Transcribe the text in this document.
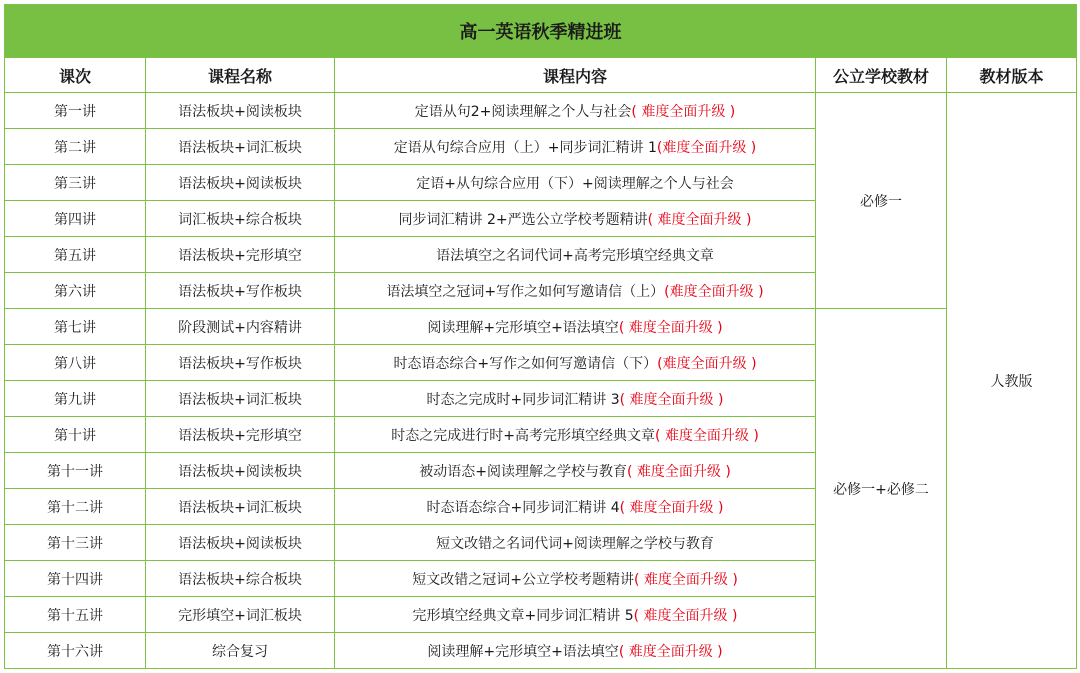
高一英语秋季精进班				
课次	课程名称	课程内容	公立学校教材	教材版本
第一讲	语法板块+阅读板块	定语从句2+阅读理解之个人与社会( 难度全面升级 )	必修一	人教版
第二讲	语法板块+词汇板块	定语从句综合应用（上）+同步词汇精讲 1(难度全面升级 )		
第三讲	语法板块+阅读板块	定语+从句综合应用（下）+阅读理解之个人与社会		
第四讲	词汇板块+综合板块	同步词汇精讲 2+严选公立学校考题精讲( 难度全面升级 )		
第五讲	语法板块+完形填空	语法填空之名词代词+高考完形填空经典文章		
第六讲	语法板块+写作板块	语法填空之冠词+写作之如何写邀请信（上）(难度全面升级 )		
第七讲	阶段测试+内容精讲	阅读理解+完形填空+语法填空( 难度全面升级 )	必修一+必修二	
第八讲	语法板块+写作板块	时态语态综合+写作之如何写邀请信（下）(难度全面升级 )		
第九讲	语法板块+词汇板块	时态之完成时+同步词汇精讲 3( 难度全面升级 )		
第十讲	语法板块+完形填空	时态之完成进行时+高考完形填空经典文章( 难度全面升级 )		
第十一讲	语法板块+阅读板块	被动语态+阅读理解之学校与教育( 难度全面升级 )		
第十二讲	语法板块+词汇板块	时态语态综合+同步词汇精讲 4( 难度全面升级 )		
第十三讲	语法板块+阅读板块	短文改错之名词代词+阅读理解之学校与教育		
第十四讲	语法板块+综合板块	短文改错之冠词+公立学校考题精讲( 难度全面升级 )		
第十五讲	完形填空+词汇板块	完形填空经典文章+同步词汇精讲 5( 难度全面升级 )		
第十六讲	综合复习	阅读理解+完形填空+语法填空( 难度全面升级 )		
